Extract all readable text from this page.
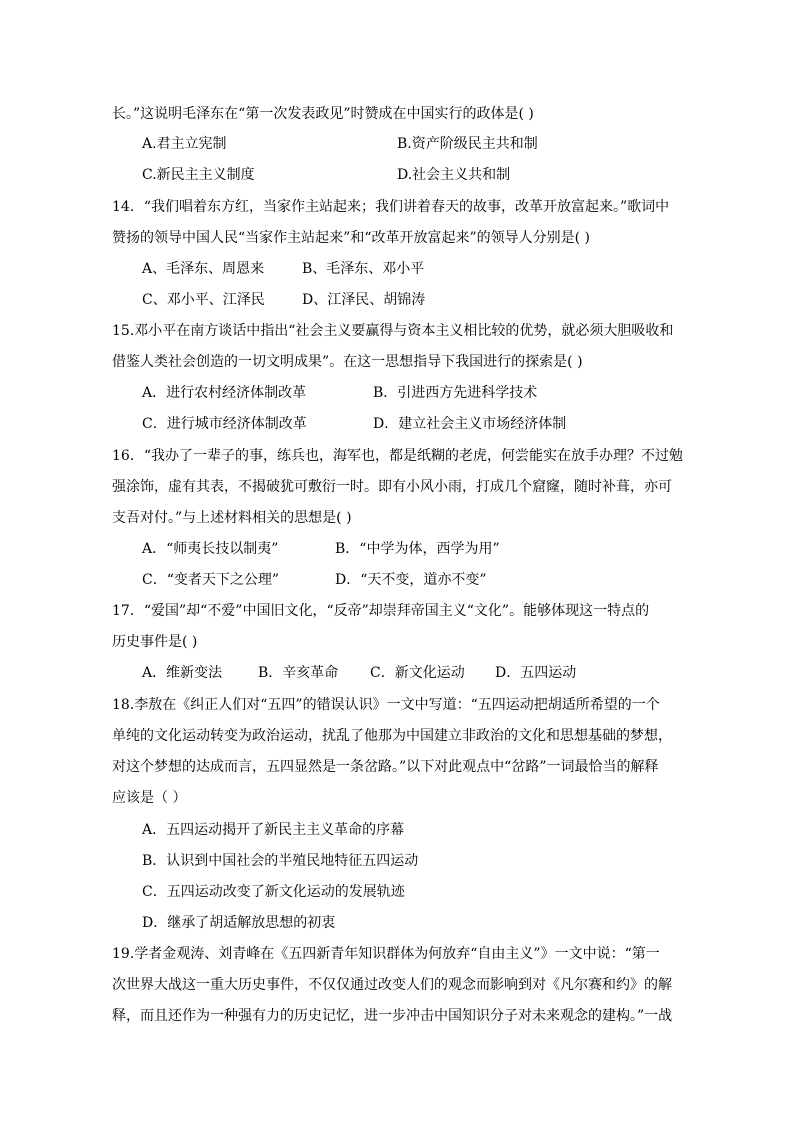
长。”这说明毛泽东在“第一次发表政见”时赞成在中国实行的政体是( )
A.君主立宪制	B.资产阶级民主共和制
C.新民主主义制度	D.社会主义共和制
14．“我们唱着东方红，当家作主站起来；我们讲着春天的故事，改革开放富起来。”歌词中
赞扬的领导中国人民“当家作主站起来”和“改革开放富起来”的领导人分别是( )
A、毛泽东、周恩来	B、毛泽东、邓小平
C、邓小平、江泽民	D、江泽民、胡锦涛
15.邓小平在南方谈话中指出“社会主义要赢得与资本主义相比较的优势，就必须大胆吸收和
借鉴人类社会创造的一切文明成果”。在这一思想指导下我国进行的探索是( )
A．进行农村经济体制改革	B．引进西方先进科学技术
C．进行城市经济体制改革	D．建立社会主义市场经济体制
16．“我办了一辈子的事，练兵也，海军也，都是纸糊的老虎，何尝能实在放手办理？不过勉
强涂饰，虚有其表，不揭破犹可敷衍一时。即有小风小雨，打成几个窟窿，随时补葺，亦可
支吾对付。”与上述材料相关的思想是( )
A．“师夷长技以制夷”	B．“中学为体，西学为用”
C．“变者天下之公理”	D．“天不变，道亦不变”
17．“爱国”却“不爱”中国旧文化，“反帝”却崇拜帝国主义“文化”。能够体现这一特点的
历史事件是( )
A．维新变法	B．辛亥革命 C．新文化运动 D．五四运动
18.李敖在《纠正人们对“五四”的错误认识》一文中写道：“五四运动把胡适所希望的一个
单纯的文化运动转变为政治运动，扰乱了他那为中国建立非政治的文化和思想基础的梦想，
对这个梦想的达成而言，五四显然是一条岔路。”以下对此观点中“岔路”一词最恰当的解释
应该是（ ）
A．五四运动揭开了新民主主义革命的序幕
B．认识到中国社会的半殖民地特征五四运动
C．五四运动改变了新文化运动的发展轨迹
D．继承了胡适解放思想的初衷
19.学者金观涛、刘青峰在《五四新青年知识群体为何放弃“自由主义”》一文中说：“第一
次世界大战这一重大历史事件，不仅仅通过改变人们的观念而影响到对《凡尔赛和约》的解
释，而且还作为一种强有力的历史记忆，进一步冲击中国知识分子对未来观念的建构。”一战
